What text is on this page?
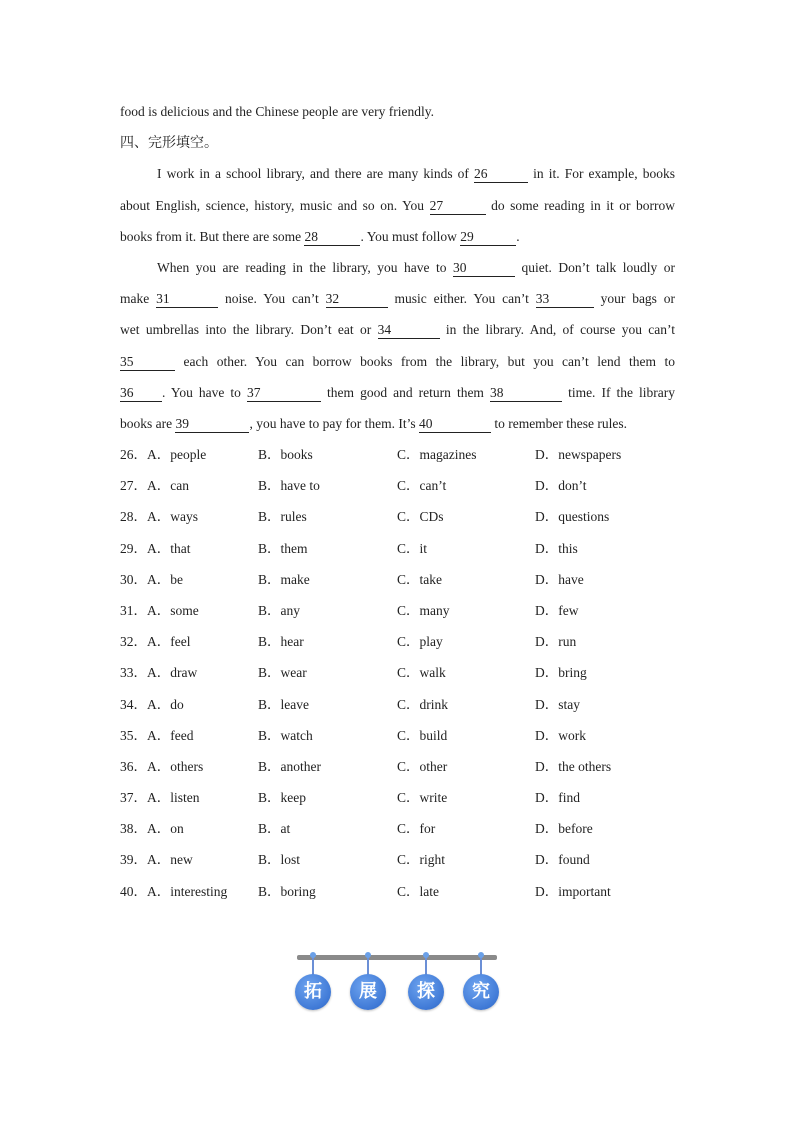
food is delicious and the Chinese people are very friendly.
四、完形填空。
I work in a school library, and there are many kinds of 26	in it. For example, books
about English, science, history, music and so on. You 27	do some reading in it or borrow
books from it. But there are some 28	. You must follow 29	.
When you are reading in the library, you have to 30	quiet. Don’t talk loudly or
make 31	noise. You can’t 32	music either. You can’t 33	your bags or
wet umbrellas into the library. Don’t eat or 34	in the library. And, of course you can’t
35	each other. You can borrow books from the library, but you can’t lend them to
36 . You have to 37	them good and return them 38	time. If the library
books are 39	, you have to pay for them. It’s 40	to remember these rules.
26．A．people	B．books	C．magazines	D．newspapers
27．A．can	B．have to	C．can’t	D．don’t
28．A．ways	B．rules	C．CDs	D．questions
29．A．that	B．them	C．it	D．this
30．A．be	B．make	C．take	D．have
31．A．some	B．any	C．many	D．few
32．A．feel	B．hear	C．play	D．run
33．A．draw	B．wear	C．walk	D．bring
34．A．do	B．leave	C．drink	D．stay
35．A．feed	B．watch	C．build	D．work
36．A．others	B．another	C．other	D．the others
37．A．listen	B．keep	C．write	D．find
38．A．on	B．at	C．for	D．before
39．A．new	B．lost	C．right	D．found
40．A．interesting B．boring	C．late	D．important
拓	展	探	究
